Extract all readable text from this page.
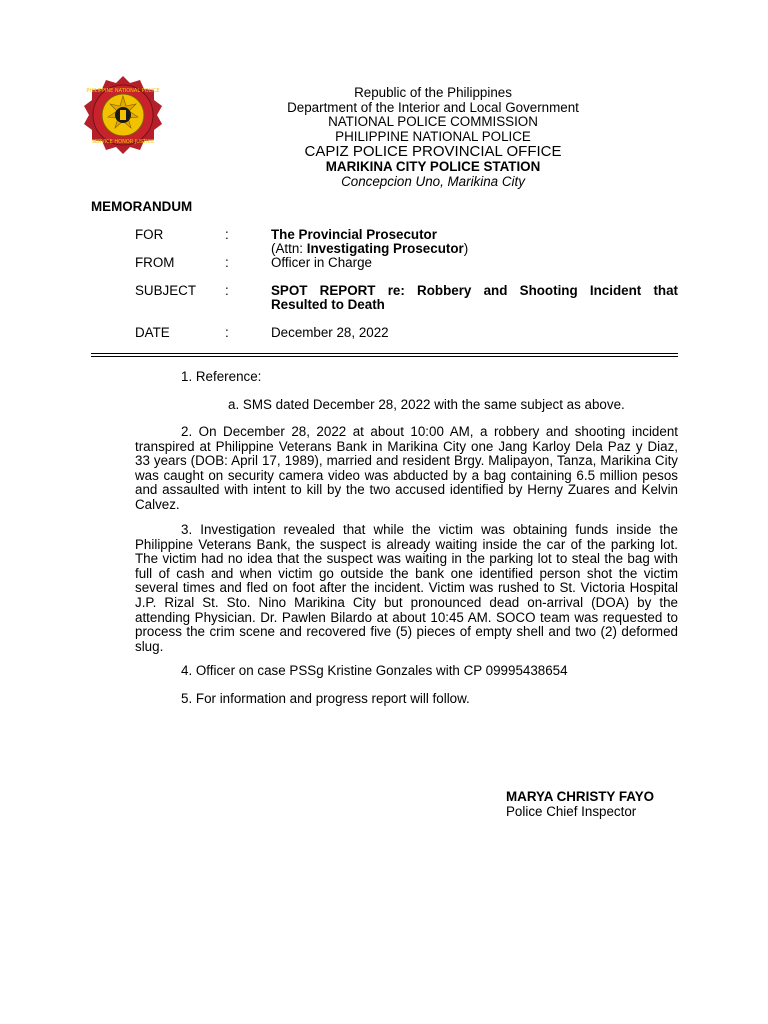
PHILIPPINE NATIONAL POLICE
SERVICE HONOR JUSTICE
Republic of the Philippines
Department of the Interior and Local Government
NATIONAL POLICE COMMISSION
PHILIPPINE NATIONAL POLICE
CAPIZ POLICE PROVINCIAL OFFICE
MARIKINA CITY POLICE STATION
Concepcion Uno, Marikina City
MEMORANDUM
FOR	:	The Provincial Prosecutor
(Attn: Investigating Prosecutor)
FROM	:	Officer in Charge
SUBJECT :	SPOT REPORT re: Robbery and Shooting Incident that Resulted to Death
DATE	:	December 28, 2022
1. Reference:
a. SMS dated December 28, 2022 with the same subject as above.
2. On December 28, 2022 at about 10:00 AM, a robbery and shooting incident transpired at Philippine Veterans Bank in Marikina City one Jang Karloy Dela Paz y Diaz, 33 years (DOB: April 17, 1989), married and resident Brgy. Malipayon, Tanza, Marikina City was caught on security camera video was abducted by a bag containing 6.5 million pesos and assaulted with intent to kill by the two accused identified by Herny Zuares and Kelvin Calvez.
3. Investigation revealed that while the victim was obtaining funds inside the Philippine Veterans Bank, the suspect is already waiting inside the car of the parking lot. The victim had no idea that the suspect was waiting in the parking lot to steal the bag with full of cash and when victim go outside the bank one identified person shot the victim several times and fled on foot after the incident. Victim was rushed to St. Victoria Hospital J.P. Rizal St. Sto. Nino Marikina City but pronounced dead on-arrival (DOA) by the attending Physician. Dr. Pawlen Bilardo at about 10:45 AM. SOCO team was requested to process the crim scene and recovered five (5) pieces of empty shell and two (2) deformed slug.
4. Officer on case PSSg Kristine Gonzales with CP 09995438654
5. For information and progress report will follow.
MARYA CHRISTY FAYO
Police Chief Inspector
